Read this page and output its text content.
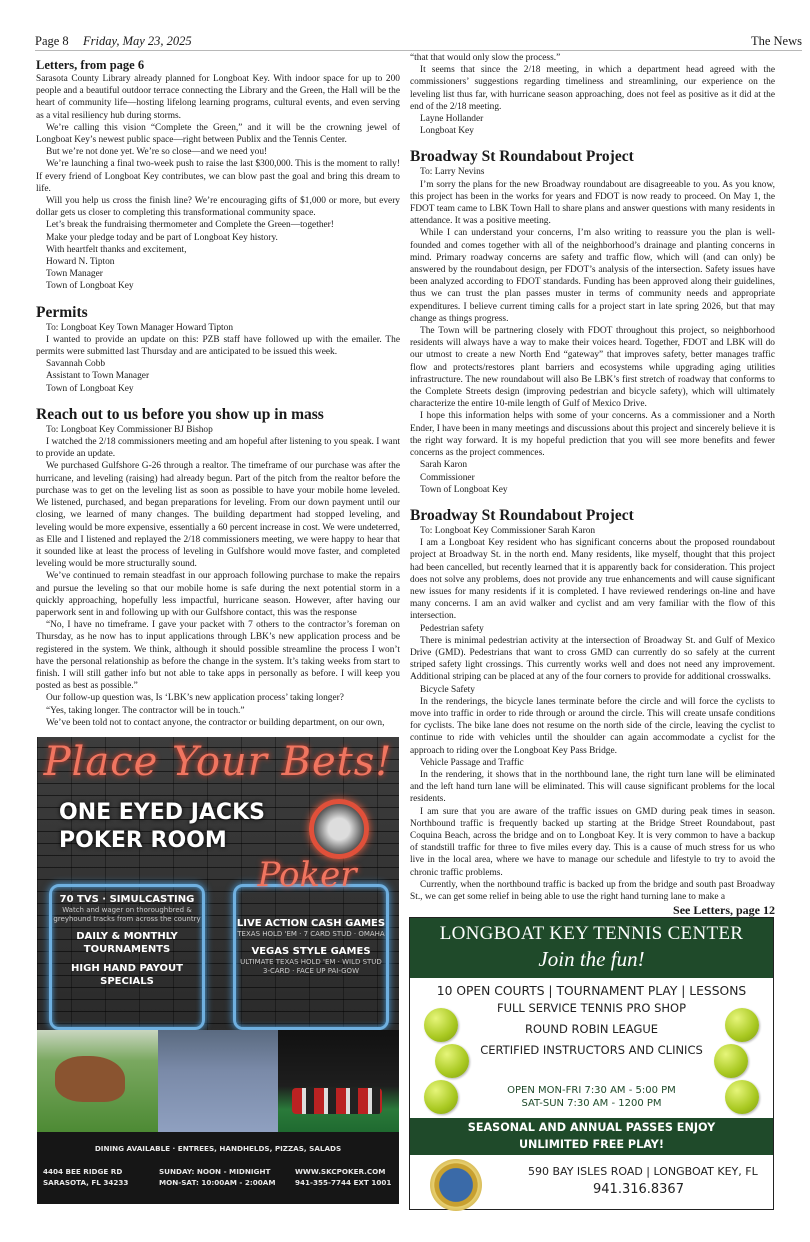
Page 8 Friday, May 23, 2025	The News
Letters, from page 6

Sarasota County Library already planned for Longboat Key. With indoor space for up to 200 people and a beautiful outdoor terrace connecting the Library and the Green, the Hall will be the heart of community life—hosting lifelong learning programs, cultural events, and even serving as a vital resiliency hub during storms.

We’re calling this vision “Complete the Green,” and it will be the crowning jewel of Longboat Key’s newest public space—right between Publix and the Tennis Center.

But we’re not done yet. We’re so close—and we need you!

We’re launching a final two-week push to raise the last $300,000. This is the moment to rally! If every friend of Longboat Key contributes, we can blow past the goal and bring this dream to life.

Will you help us cross the finish line? We’re encouraging gifts of $1,000 or more, but every dollar gets us closer to completing this transformational community space.

Let’s break the fundraising thermometer and Complete the Green—together!

Make your pledge today and be part of Longboat Key history.

With heartfelt thanks and excitement,

Howard N. Tipton

Town Manager

Town of Longboat Key

Permits

To: Longboat Key Town Manager Howard Tipton

I wanted to provide an update on this: PZB staff have followed up with the emailer. The permits were submitted last Thursday and are anticipated to be issued this week.

Savannah Cobb

Assistant to Town Manager

Town of Longboat Key

Reach out to us before you show up in mass

To: Longboat Key Commissioner BJ Bishop

I watched the 2/18 commissioners meeting and am hopeful after listening to you speak. I want to provide an update.

We purchased Gulfshore G-26 through a realtor. The timeframe of our purchase was after the hurricane, and leveling (raising) had already begun. Part of the pitch from the realtor before the purchase was to get on the leveling list as soon as possible to have your mobile home leveled. We listened, purchased, and began preparations for leveling. From our down payment until our closing, we learned of many changes. The building department had stopped leveling, and leveling would be more expensive, essentially a 60 percent increase in cost. We were undeterred, as Elle and I listened and replayed the 2/18 commissioners meeting, we were happy to hear that it sounded like at least the process of leveling in Gulfshore would move faster, and completed leveling would be more structurally sound.

We’ve continued to remain steadfast in our approach following purchase to make the repairs and pursue the leveling so that our mobile home is safe during the next potential storm in a quickly approaching, hopefully less impactful, hurricane season. However, after having our paperwork sent in and following up with our Gulfshore contact, this was the response

“No, I have no timeframe. I gave your packet with 7 others to the contractor’s foreman on Thursday, as he now has to input applications through LBK’s new application process and be registered in the system. We think, although it should possible streamline the process I won’t have the personal relationship as before the change in the system. It’s taking weeks from start to finish. I will still gather info but not able to take apps in personally as before. I will keep you posted as best as possible.”

Our follow-up question was, Is ‘LBK’s new application process’ taking longer?

“Yes, taking longer. The contractor will be in touch.”

We’ve been told not to contact anyone, the contractor or building department, on our own,

“that that would only slow the process.”

It seems that since the 2/18 meeting, in which a department head agreed with the commissioners’ suggestions regarding timeliness and streamlining, our experience on the leveling list thus far, with hurricane season approaching, does not feel as positive as it did at the end of the 2/18 meeting.

Layne Hollander

Longboat Key

Broadway St Roundabout Project

To: Larry Nevins

I’m sorry the plans for the new Broadway roundabout are disagreeable to you. As you know, this project has been in the works for years and FDOT is now ready to proceed. On May 1, the FDOT team came to LBK Town Hall to share plans and answer questions with many residents in attendance. It was a positive meeting.

While I can understand your concerns, I’m also writing to reassure you the plan is well-founded and comes together with all of the neighborhood’s drainage and planting concerns in mind. Primary roadway concerns are safety and traffic flow, which will (and can only) be answered by the roundabout design, per FDOT’s analysis of the intersection. Safety issues have been analyzed according to FDOT standards. Funding has been approved along their guidelines, thus we can trust the plan passes muster in terms of community needs and appropriate expenditures. I believe current timing calls for a project start in late spring 2026, but that may change as things progress.

The Town will be partnering closely with FDOT throughout this project, so neighborhood residents will always have a way to make their voices heard. Together, FDOT and LBK will do our utmost to create a new North End “gateway” that improves safety, better manages traffic flow and protects/restores plant barriers and ecosystems while upgrading aging utilities infrastructure. The new roundabout will also Be LBK’s first stretch of roadway that conforms to the Complete Streets design (improving pedestrian and bicycle safety), which will ultimately characterize the entire 10-mile length of Gulf of Mexico Drive.

I hope this information helps with some of your concerns. As a commissioner and a North Ender, I have been in many meetings and discussions about this project and sincerely believe it is the right way forward. It is my hopeful prediction that you will see more benefits and fewer concerns as the project commences.

Sarah Karon

Commissioner

Town of Longboat Key

Broadway St Roundabout Project

To: Longboat Key Commissioner Sarah Karon

I am a Longboat Key resident who has significant concerns about the proposed roundabout project at Broadway St. in the north end. Many residents, like myself, thought that this project had been cancelled, but recently learned that it is apparently back for consideration. This project does not solve any problems, does not provide any true enhancements and will cause significant new issues for many residents if it is completed. I have reviewed renderings on-line and have many concerns. I am an avid walker and cyclist and am very familiar with the flow of this intersection.

Pedestrian safety

There is minimal pedestrian activity at the intersection of Broadway St. and Gulf of Mexico Drive (GMD). Pedestrians that want to cross GMD can currently do so safely at the current striped safety light crossings. This currently works well and does not need any improvement. Additional striping can be placed at any of the four corners to provide for additional crosswalks.

Bicycle Safety

In the renderings, the bicycle lanes terminate before the circle and will force the cyclists to move into traffic in order to ride through or around the circle. This will create unsafe conditions for cyclists. The bike lane does not resume on the north side of the circle, leaving the cyclist to continue to ride with vehicles until the shoulder can again accommodate a cyclist for the approach to riding over the Longboat Key Pass Bridge.

Vehicle Passage and Traffic

In the rendering, it shows that in the northbound lane, the right turn lane will be eliminated and the left hand turn lane will be eliminated. This will cause significant problems for the local residents.

I am sure that you are aware of the traffic issues on GMD during peak times in season. Northbound traffic is frequently backed up starting at the Bridge Street Roundabout, past Coquina Beach, across the bridge and on to Longboat Key. It is very common to have a backup of standstill traffic for three to five miles every day. This is a cause of much stress for us who live in the local area, where we have to manage our schedule and lifestyle to try to avoid the chronic traffic problems.

Currently, when the northbound traffic is backed up from the bridge and south past Broadway St., we can get some relief in being able to use the right hand turning lane to make a

See Letters, page 12
Place Your Bets!
ONE EYED JACKS
POKER ROOM
70 TVS · SIMULCASTING
Watch and wager on thoroughbred & greyhound tracks from across the country
DAILY & MONTHLY TOURNAMENTS
HIGH HAND PAYOUT SPECIALS
LIVE ACTION CASH GAMES
TEXAS HOLD 'EM · 7 CARD STUD · OMAHA
VEGAS STYLE GAMES
ULTIMATE TEXAS HOLD 'EM · WILD STUD 3-CARD · FACE UP PAI-GOW
Poker
DINING AVAILABLE · ENTREES, HANDHELDS, PIZZAS, SALADS
4404 BEE RIDGE RD
SARASOTA, FL 34233
SUNDAY: NOON - MIDNIGHT
MON-SAT: 10:00AM - 2:00AM
WWW.SKCPOKER.COM
941-355-7744 EXT 1001
LONGBOAT KEY TENNIS CENTER
Join the fun!
10 OPEN COURTS | TOURNAMENT PLAY | LESSONS
FULL SERVICE TENNIS PRO SHOP
ROUND ROBIN LEAGUE
CERTIFIED INSTRUCTORS AND CLINICS
OPEN MON-FRI 7:30 AM - 5:00 PM
SAT-SUN 7:30 AM - 1200 PM
SEASONAL AND ANNUAL PASSES ENJOY
UNLIMITED FREE PLAY!
590 BAY ISLES ROAD | LONGBOAT KEY, FL
941.316.8367
